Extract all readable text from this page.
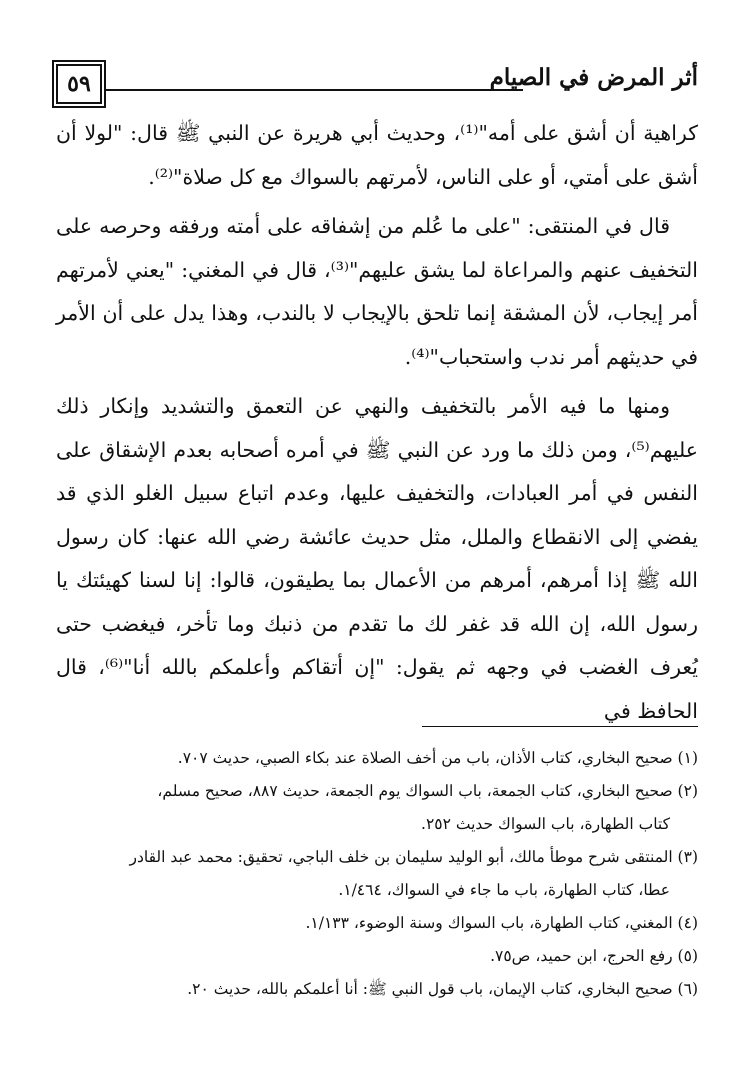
أثر المرض في الصيام
٥٩

كراهية أن أشق على أمه"⁽¹⁾، وحديث أبي هريرة عن النبي ﷺ قال: "لولا أن أشق على أمتي، أو على الناس، لأمرتهم بالسواك مع كل صلاة"⁽²⁾.

قال في المنتقى: "على ما عُلم من إشفاقه على أمته ورفقه وحرصه على التخفيف عنهم والمراعاة لما يشق عليهم"⁽³⁾، قال في المغني: "يعني لأمرتهم أمر إيجاب، لأن المشقة إنما تلحق بالإيجاب لا بالندب، وهذا يدل على أن الأمر في حديثهم أمر ندب واستحباب"⁽⁴⁾.

ومنها ما فيه الأمر بالتخفيف والنهي عن التعمق والتشديد وإنكار ذلك عليهم⁽⁵⁾، ومن ذلك ما ورد عن النبي ﷺ في أمره أصحابه بعدم الإشقاق على النفس في أمر العبادات، والتخفيف عليها، وعدم اتباع سبيل الغلو الذي قد يفضي إلى الانقطاع والملل، مثل حديث عائشة رضي الله عنها: كان رسول الله ﷺ إذا أمرهم، أمرهم من الأعمال بما يطيقون، قالوا: إنا لسنا كهيئتك يا رسول الله، إن الله قد غفر لك ما تقدم من ذنبك وما تأخر، فيغضب حتى يُعرف الغضب في وجهه ثم يقول: "إن أتقاكم وأعلمكم بالله أنا"⁽⁶⁾، قال الحافظ في

(١) صحيح البخاري، كتاب الأذان، باب من أخف الصلاة عند بكاء الصبي، حديث ٧٠٧.

(٢) صحيح البخاري، كتاب الجمعة، باب السواك يوم الجمعة، حديث ٨٨٧، صحيح مسلم،
كتاب الطهارة، باب السواك حديث ٢٥٢.

(٣) المنتقى شرح موطأ مالك، أبو الوليد سليمان بن خلف الباجي، تحقيق: محمد عبد القادر
عطا، كتاب الطهارة، باب ما جاء في السواك، ١/٤٦٤.

(٤) المغني، كتاب الطهارة، باب السواك وسنة الوضوء، ١/١٣٣.

(٥) رفع الحرج، ابن حميد، ص٧٥.

(٦) صحيح البخاري، كتاب الإيمان، باب قول النبي ﷺ: أنا أعلمكم بالله، حديث ٢٠.
